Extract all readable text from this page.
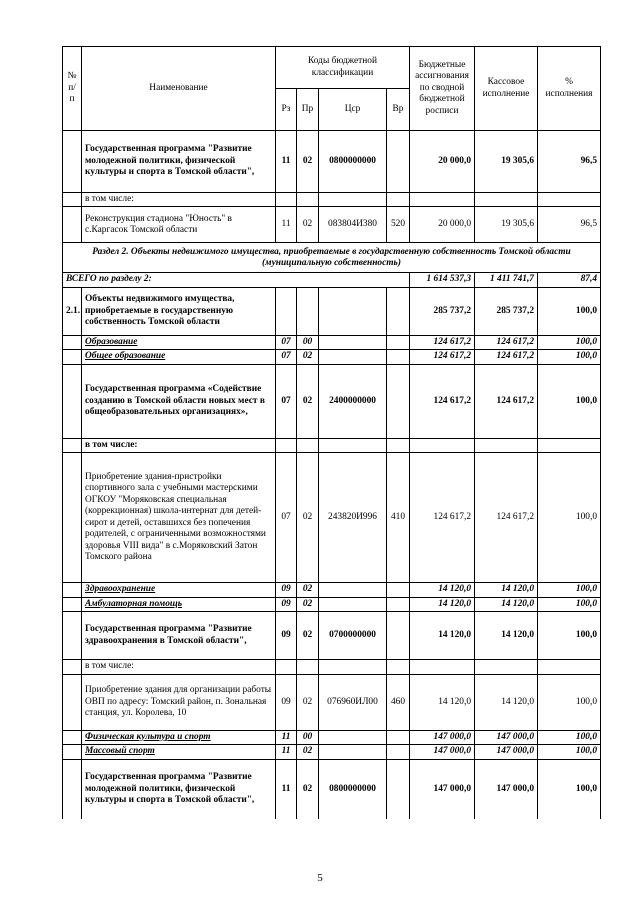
№ п/п	Наименование	Коды бюджетной классификации				Бюджетные ассигнования по сводной бюджетной росписи	Кассовое исполнение	% исполнения
		Рз	Пр	Цср	Вр			
	Государственная программа "Развитие молодежной политики, физической культуры и спорта в Томской области",	11	02	0800000000		20 000,0	19 305,6	96,5
	в том числе:							
	Реконструкция стадиона "Юность" в с.Каргасок Томской области	11	02	083804И380	520	20 000,0	19 305,6	96,5
Раздел 2. Объекты недвижимого имущества, приобретаемые в государственную собственность Томской области (муниципальную собственность)								
ВСЕГО по разделу 2:						1 614 537,3	1 411 741,7	87,4
2.1.	Объекты недвижимого имущества, приобретаемые в государственную собственность Томской области					285 737,2	285 737,2	100,0
	Образование	07	00			124 617,2	124 617,2	100,0
	Общее образование	07	02			124 617,2	124 617,2	100,0
	Государственная программа «Содействие созданию в Томской области новых мест в общеобразовательных организациях»,	07	02	2400000000		124 617,2	124 617,2	100,0
	в том числе:							
	Приобретение здания-пристройки спортивного зала с учебными мастерскими ОГКОУ "Моряковская специальная (коррекционная) школа-интернат для детей-сирот и детей, оставшихся без попечения родителей, с ограниченными возможностями здоровья VIII вида" в с.Моряковский Затон Томского района	07	02	243820И996	410	124 617,2	124 617,2	100,0
	Здравоохранение	09	02			14 120,0	14 120,0	100,0
	Амбулаторная помощь	09	02			14 120,0	14 120,0	100,0
	Государственная программа "Развитие здравоохранения в Томской области",	09	02	0700000000		14 120,0	14 120,0	100,0
	в том числе:							
	Приобретение здания для организации работы ОВП по адресу: Томский район, п. Зональная станция, ул. Королева, 10	09	02	076960ИЛ00	460	14 120,0	14 120,0	100,0
	Физическая культура и спорт	11	00			147 000,0	147 000,0	100,0
	Массовый спорт	11	02			147 000,0	147 000,0	100,0
	Государственная программа "Развитие молодежной политики, физической культуры и спорта в Томской области",	11	02	0800000000		147 000,0	147 000,0	100,0
5
